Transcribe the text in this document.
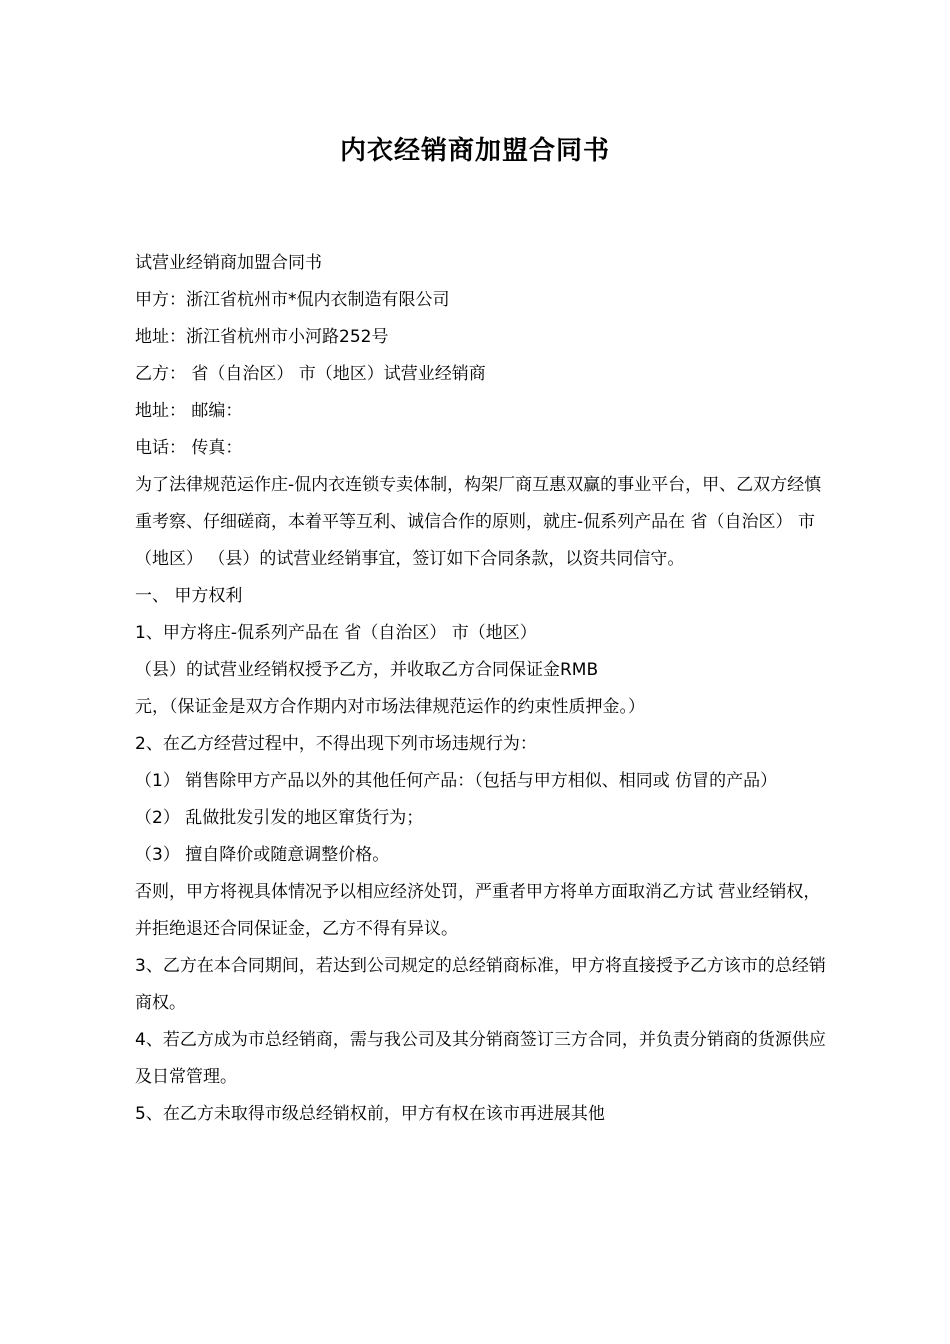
内衣经销商加盟合同书

试营业经销商加盟合同书

甲方：浙江省杭州市*侃内衣制造有限公司

地址：浙江省杭州市小河路252号

乙方： 省（自治区） 市（地区）试营业经销商

地址： 邮编：

电话： 传真：

为了法律规范运作庄-侃内衣连锁专卖体制，构架厂商互惠双赢的事业平台，甲、乙双方经慎重考察、仔细磋商，本着平等互利、诚信合作的原则，就庄-侃系列产品在 省（自治区） 市（地区） （县）的试营业经销事宜，签订如下合同条款，以资共同信守。

一、 甲方权利

1、甲方将庄-侃系列产品在 省（自治区） 市（地区）

（县）的试营业经销权授予乙方，并收取乙方合同保证金RMB

元，（保证金是双方合作期内对市场法律规范运作的约束性质押金。）

2、在乙方经营过程中，不得出现下列市场违规行为：

（1） 销售除甲方产品以外的其他任何产品：（包括与甲方相似、相同或 仿冒的产品）

（2） 乱做批发引发的地区窜货行为；

（3） 擅自降价或随意调整价格。

否则，甲方将视具体情况予以相应经济处罚，严重者甲方将单方面取消乙方试 营业经销权，并拒绝退还合同保证金，乙方不得有异议。

3、乙方在本合同期间，若达到公司规定的总经销商标准，甲方将直接授予乙方该市的总经销商权。

4、若乙方成为市总经销商，需与我公司及其分销商签订三方合同，并负责分销商的货源供应及日常管理。

5、在乙方未取得市级总经销权前，甲方有权在该市再进展其他
